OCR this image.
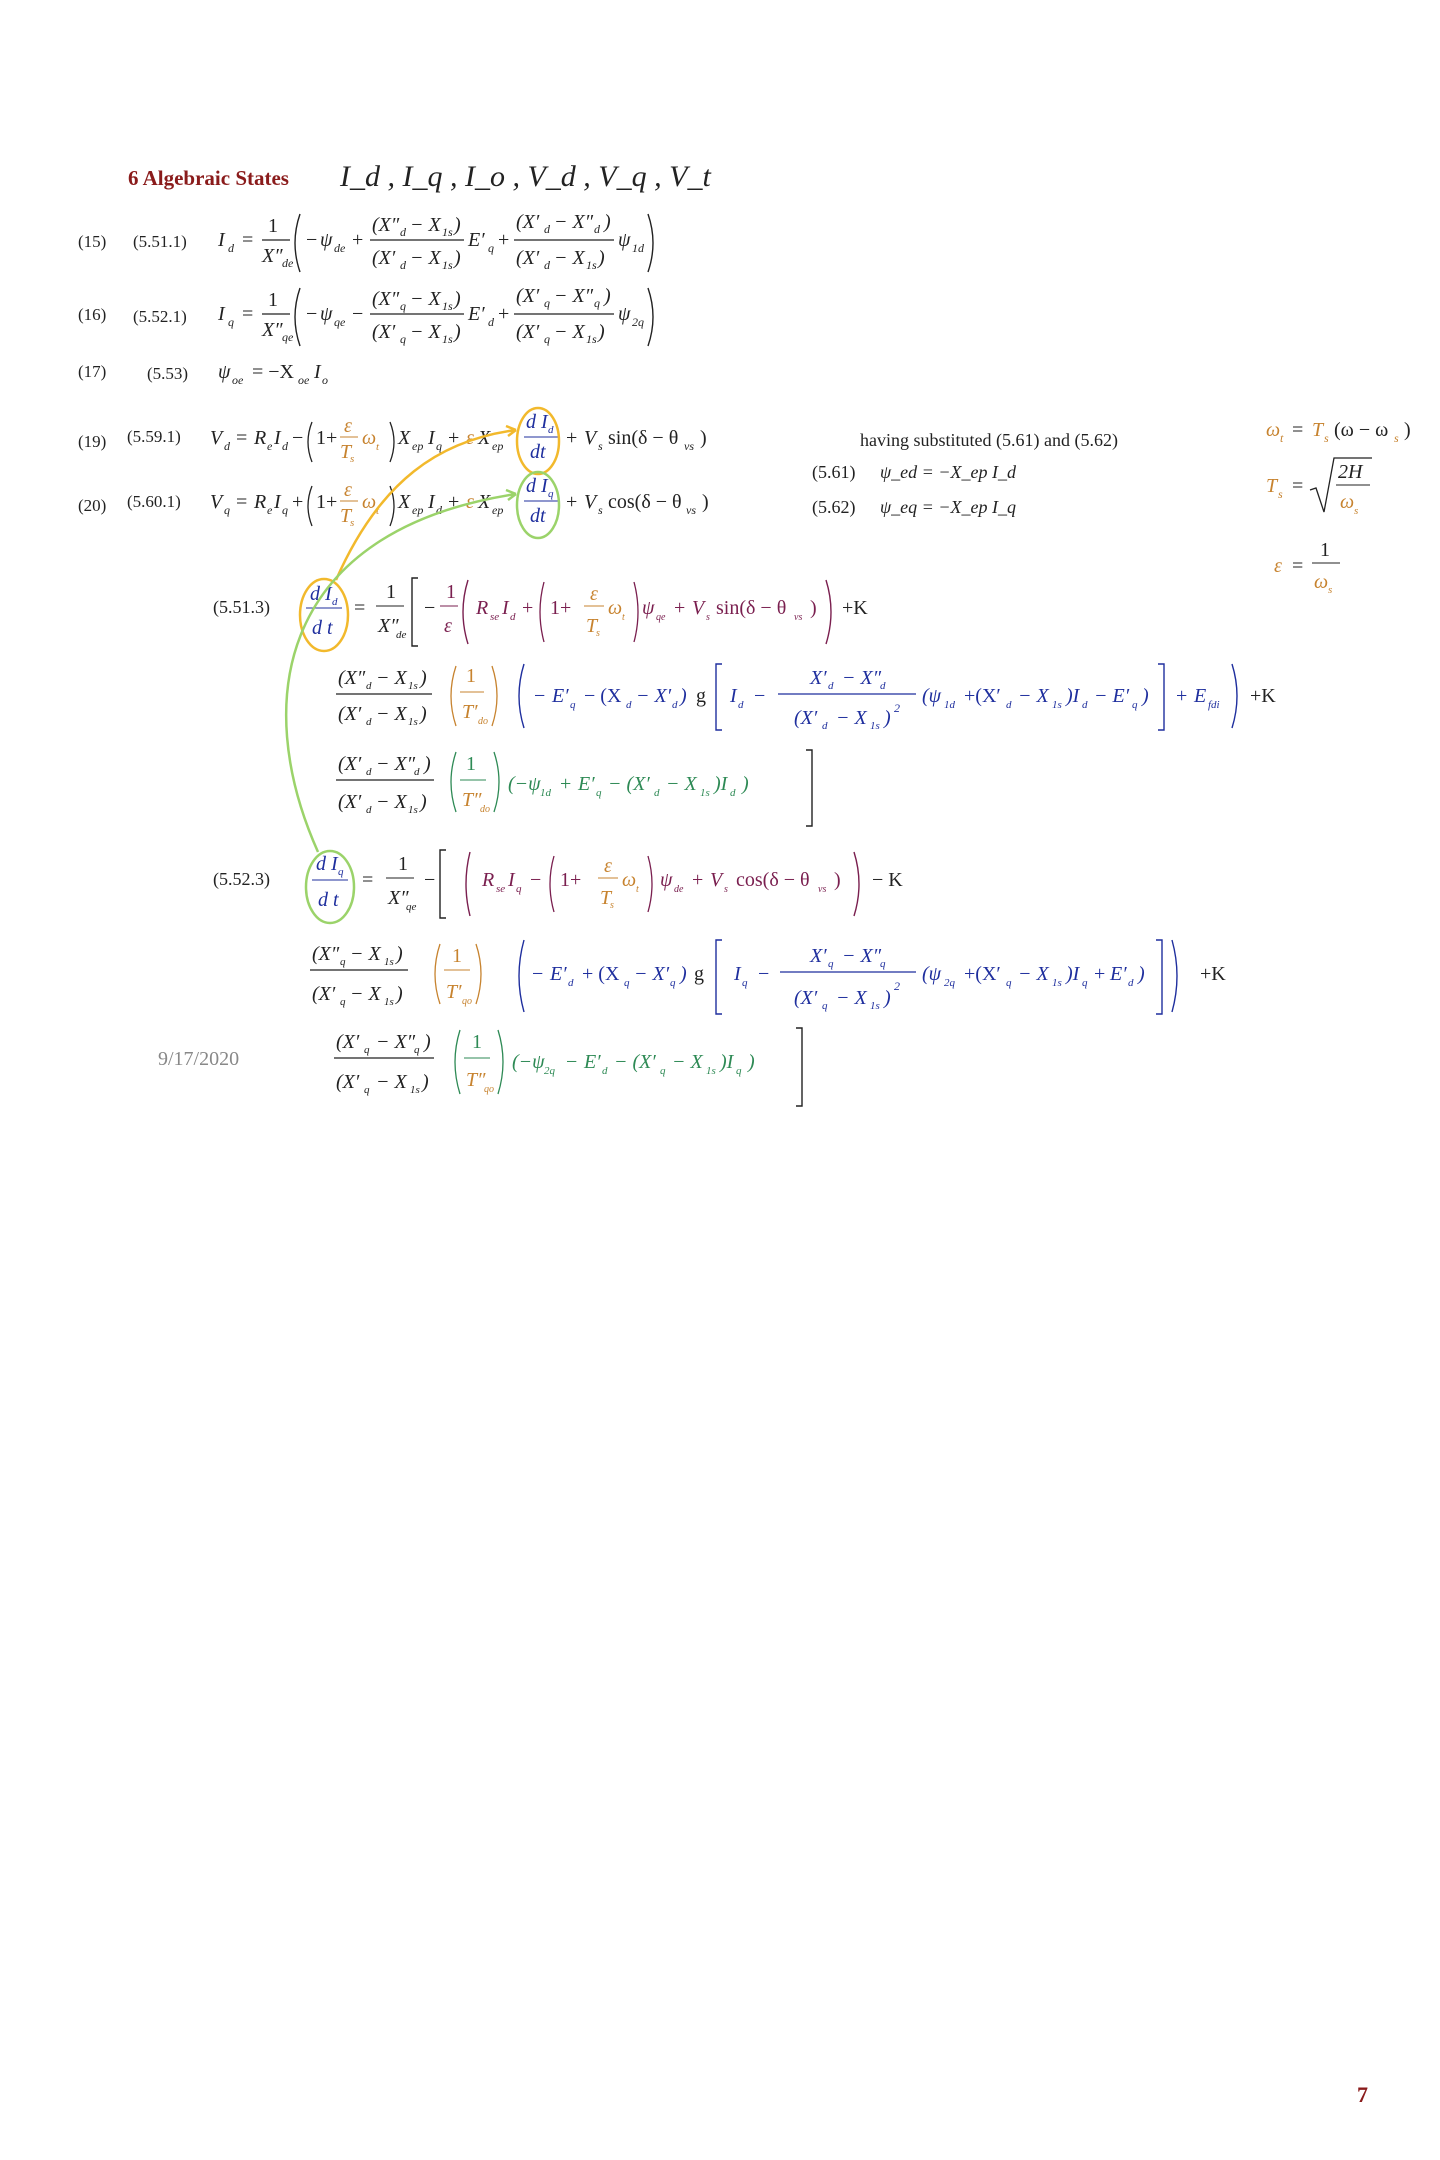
6 Algebraic States I_d , I_q , I_o , V_d , V_q , V_t
(15) (5.51.1)
(16) (5.52.1)
(17) (5.53)
(19) (5.59.1)
(20) (5.60.1)
having substituted (5.61) and (5.62)
(5.61) ψ_ed = −X_ep I_d
(5.62) ψ_eq = −X_ep I_q
(5.51.3)
(5.52.3)
9/17/2020
7
I d =
1
X″ de
− ψ de +
(X″ d − X 1s )
(X′ d − X 1s )
E′ q +
(X′ d − X″ d )
(X′ d − X 1s )
ψ 1d
I q =
1
X″ qe
− ψ qe −
(X″ q − X 1s )
(X′ q − X 1s )
E′ d +
(X′ q − X″ q )
(X′ q − X 1s )
ψ 2q
ψ oe = −X oe I o
V d = R e I d − 1+
ε
T
s
ω t X ep I q + ε X ep
d I d
dt
+ V s sin(δ − θ vs )
V q = R e I q + 1+
ε
T
s
ω t X ep I d + ε X ep
d I q
dt
+ V s cos(δ − θ vs )
ω t = T s (ω − ω s )
T s =
2H
ω s
ε =
1
ω s
d I d
d t
=
1
X″
de
−
1
ε
R se I d + 1+
ε
T
s
ω t ψ qe + V s sin(δ − θ vs ) +K
(X″ d − X 1s )
(X′ d − X 1s )
1
T′ do
− E′ q − (X d − X′ d ) g I d −
X′ d − X″
d
(X′ d − X 1s ) 2
(ψ 1d +(X′ d − X 1s )I d − E′ q ) + E fdi +K
(X′ d − X″
d )
(X′ d − X 1s )
1
T″
do
(−ψ 1d + E′ q − (X′ d − X 1s )I d )
d I q
d t
=
1
X″
qe
− R se I q − 1+
ε
T
s
ω t ψ de + V s cos(δ − θ vs ) − K
(X″ q − X 1s )
(X′ q − X 1s )
1
T′ qo
− E′ d + (X q − X′ q ) g I q −
X′ q − X″
q
(X′ q − X 1s )
2
(ψ 2q +(X′ q − X 1s )I q + E′ d )	+K
(X′ q − X″
q )
(X′ q − X 1s )
1
T″
qo
(−ψ 2q − E′ d − (X′ q − X 1s )I q )
